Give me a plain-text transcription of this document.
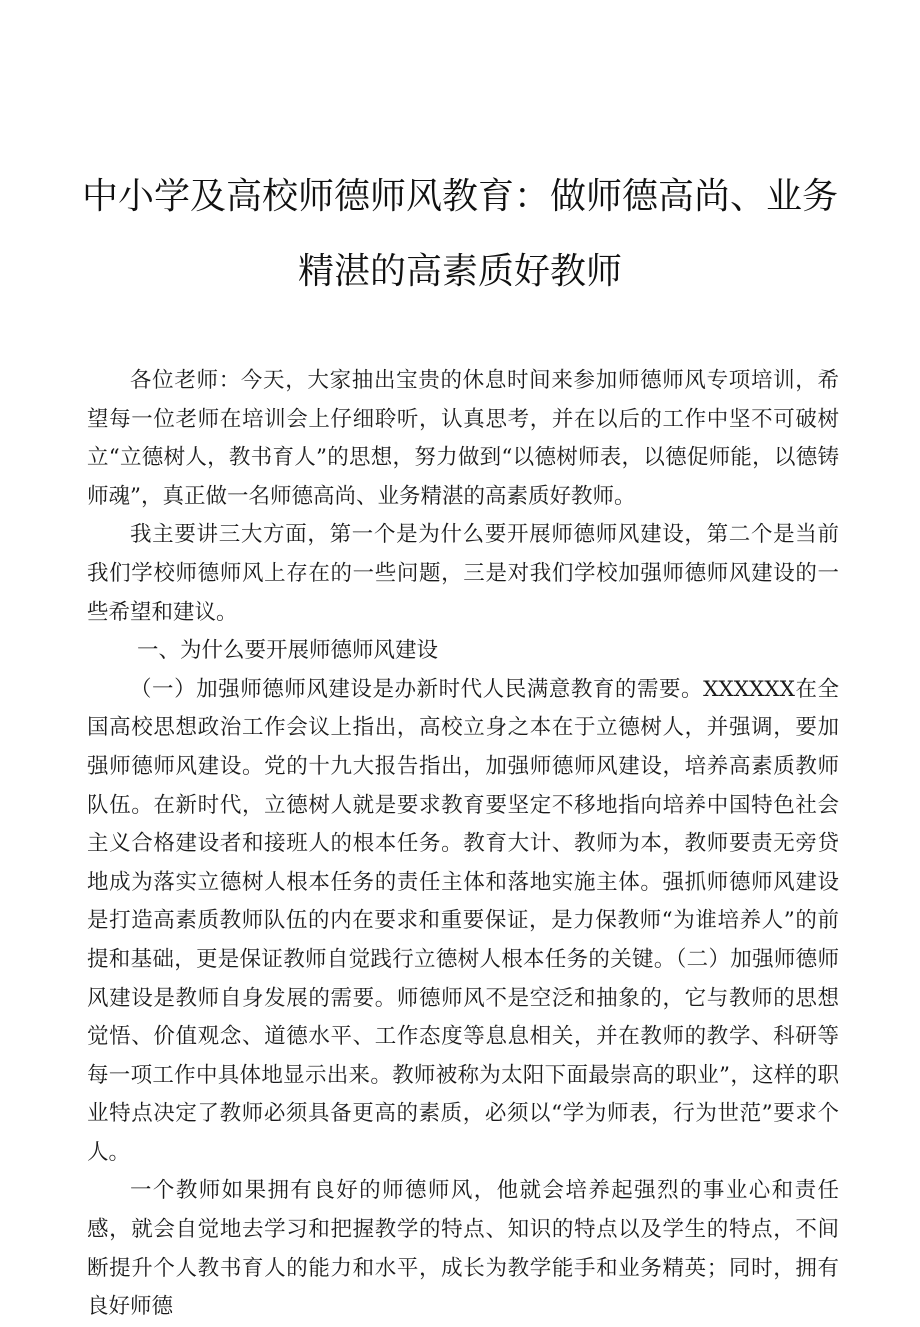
中小学及高校师德师风教育：做师德高尚、业务
精湛的高素质好教师

各位老师：今天，大家抽出宝贵的休息时间来参加师德师风专项培训，希望每一位老师在培训会上仔细聆听，认真思考，并在以后的工作中坚不可破树立“立德树人，教书育人”的思想，努力做到“以德树师表，以德促师能，以德铸师魂”，真正做一名师德高尚、业务精湛的高素质好教师。

我主要讲三大方面，第一个是为什么要开展师德师风建设，第二个是当前我们学校师德师风上存在的一些问题，三是对我们学校加强师德师风建设的一些希望和建议。

一、为什么要开展师德师风建设

（一）加强师德师风建设是办新时代人民满意教育的需要。XXXXXX在全国高校思想政治工作会议上指出，高校立身之本在于立德树人，并强调，要加强师德师风建设。党的十九大报告指出，加强师德师风建设，培养高素质教师队伍。在新时代，立德树人就是要求教育要坚定不移地指向培养中国特色社会主义合格建设者和接班人的根本任务。教育大计、教师为本，教师要责无旁贷地成为落实立德树人根本任务的责任主体和落地实施主体。强抓师德师风建设是打造高素质教师队伍的内在要求和重要保证，是力保教师“为谁培养人”的前提和基础，更是保证教师自觉践行立德树人根本任务的关键。（二）加强师德师风建设是教师自身发展的需要。师德师风不是空泛和抽象的，它与教师的思想觉悟、价值观念、道德水平、工作态度等息息相关，并在教师的教学、科研等每一项工作中具体地显示出来。教师被称为太阳下面最崇高的职业”，这样的职业特点决定了教师必须具备更高的素质，必须以“学为师表，行为世范”要求个人。

一个教师如果拥有良好的师德师风，他就会培养起强烈的事业心和责任感，就会自觉地去学习和把握教学的特点、知识的特点以及学生的特点，不间断提升个人教书育人的能力和水平，成长为教学能手和业务精英；同时，拥有良好师德
